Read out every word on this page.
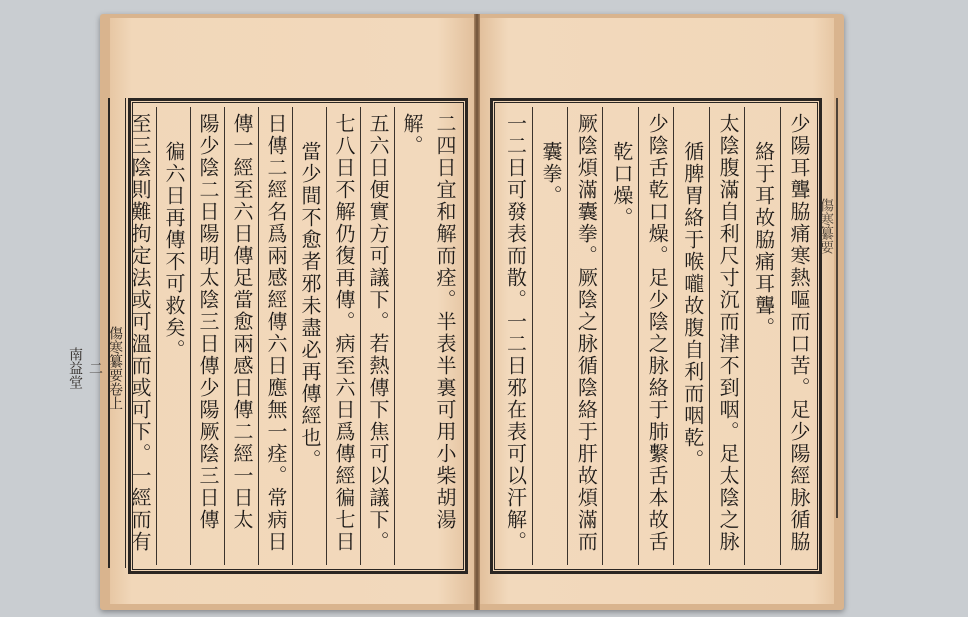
傷寒纂要卷上
二
南益堂	二四日宜和解而痊。半表半裏可用小柴胡湯解。
五六日便實方可議下。若熱傳下焦可以議下。
七八日不解仍復再傳。病至六日爲傳經徧七日
當少間不愈者邪未盡必再傳經也。
日傳二經名爲兩感經傳六日應無一痊。常病日
傳一經至六日傳足當愈兩感日傳二經一日太
陽少陰二日陽明太陰三日傳少陽厥陰三日傳
徧六日再傳不可救矣。
至三陰則難拘定法或可溫而或可下。一經而有	傷寒纂要
少陽耳聾脇痛寒熱嘔而口苦。足少陽經脉循脇
絡于耳故脇痛耳聾。
太陰腹滿自利尺寸沉而津不到咽。足太陰之脉
循脾胃絡于喉嚨故腹自利而咽乾。
少陰舌乾口燥。足少陰之脉絡于肺繫舌本故舌
乾口燥。
厥陰煩滿囊拳。厥陰之脉循陰絡于肝故煩滿而
囊拳。
一二日可發表而散。一二日邪在表可以汗解。
